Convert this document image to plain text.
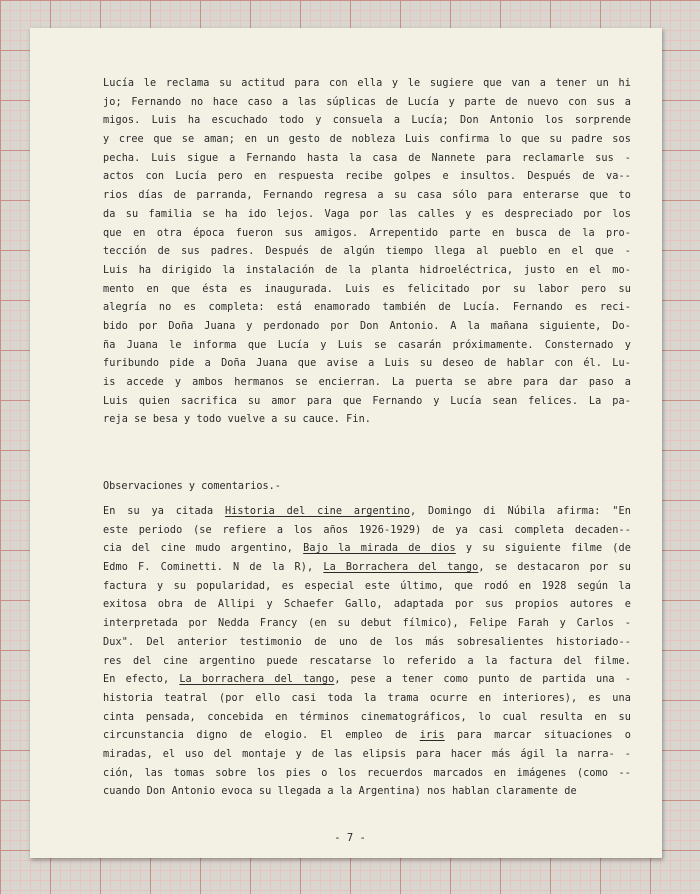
Lucía le reclama su actitud para con ella y le sugiere que van a tener un hi
jo; Fernando no hace caso a las súplicas de Lucía y parte de nuevo con sus a
migos. Luis ha escuchado todo y consuela a Lucía; Don Antonio los sorprende
y cree que se aman; en un gesto de nobleza Luis confirma lo que su padre sos
pecha. Luis sigue a Fernando hasta la casa de Nannete para reclamarle sus -
actos con Lucía pero en respuesta recibe golpes e insultos. Después de va--
rios días de parranda, Fernando regresa a su casa sólo para enterarse que to
da su familia se ha ido lejos. Vaga por las calles y es despreciado por los
que en otra época fueron sus amigos. Arrepentido parte en busca de la pro-
tección de sus padres. Después de algún tiempo llega al pueblo en el que -
Luis ha dirigido la instalación de la planta hidroeléctrica, justo en el mo-
mento en que ésta es inaugurada. Luis es felicitado por su labor pero su
alegría no es completa: está enamorado también de Lucía. Fernando es reci-
bido por Doña Juana y perdonado por Don Antonio. A la mañana siguiente, Do-
ña Juana le informa que Lucía y Luis se casarán próximamente. Consternado y
furibundo pide a Doña Juana que avise a Luis su deseo de hablar con él. Lu-
is accede y ambos hermanos se encierran. La puerta se abre para dar paso a
Luis quien sacrifica su amor para que Fernando y Lucía sean felices. La pa-
reja se besa y todo vuelve a su cauce. Fin.
Observaciones y comentarios.-
En su ya citada Historia del cine argentino, Domingo di Núbila afirma: "En
este periodo (se refiere a los años 1926-1929) de ya casi completa decaden--
cia del cine mudo argentino, Bajo la mirada de dios y su siguiente filme (de
Edmo F. Cominetti. N de la R), La Borrachera del tango, se destacaron por su
factura y su popularidad, es especial este último, que rodó en 1928 según la
exitosa obra de Allipi y Schaefer Gallo, adaptada por sus propios autores e
interpretada por Nedda Francy (en su debut fílmico), Felipe Farah y Carlos -
Dux". Del anterior testimonio de uno de los más sobresalientes historiado--
res del cine argentino puede rescatarse lo referido a la factura del filme.
En efecto, La borrachera del tango, pese a tener como punto de partida una -
historia teatral (por ello casi toda la trama ocurre en interiores), es una
cinta pensada, concebida en términos cinematográficos, lo cual resulta en su
circunstancia digno de elogio. El empleo de iris para marcar situaciones o
miradas, el uso del montaje y de las elipsis para hacer más ágil la narra- -
ción, las tomas sobre los pies o los recuerdos marcados en imágenes (como --
cuando Don Antonio evoca su llegada a la Argentina) nos hablan claramente de
- 7 -
